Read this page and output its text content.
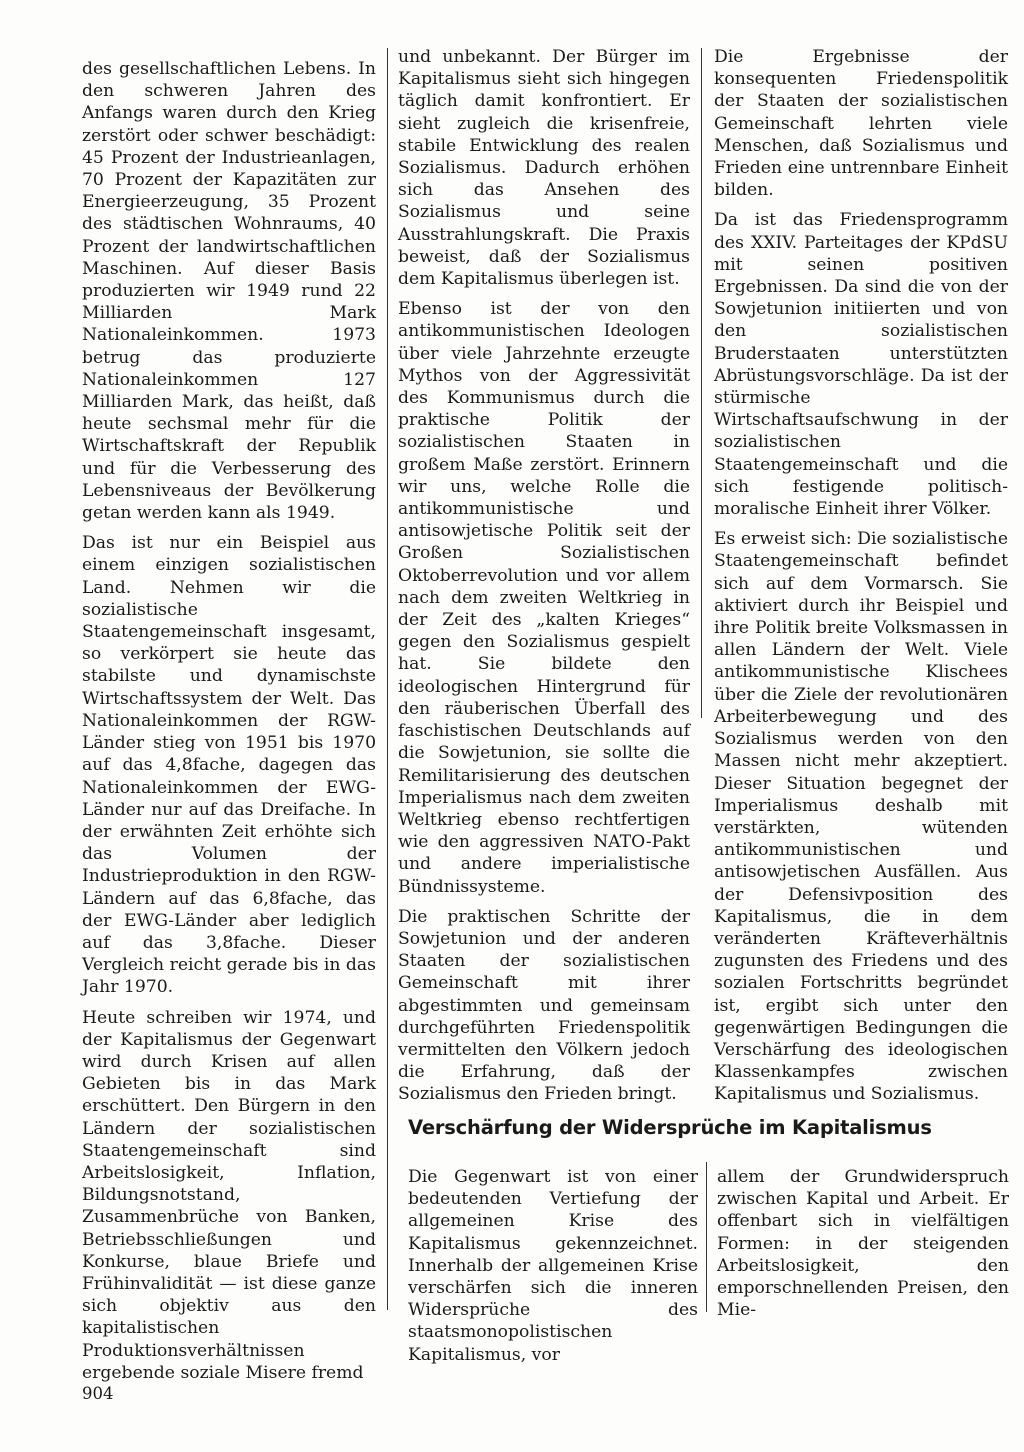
des gesellschaftlichen Lebens. In den schweren Jahren des Anfangs waren durch den Krieg zerstört oder schwer beschädigt: 45 Prozent der Industrieanlagen, 70 Prozent der Kapazitäten zur Energieerzeugung, 35 Prozent des städtischen Wohnraums, 40 Prozent der landwirtschaftlichen Maschinen. Auf dieser Basis produzierten wir 1949 rund 22 Milliarden Mark Nationaleinkommen. 1973 betrug das produzierte Nationaleinkommen 127 Milliarden Mark, das heißt, daß heute sechsmal mehr für die Wirtschaftskraft der Republik und für die Verbesserung des Lebensniveaus der Bevölkerung getan werden kann als 1949.

Das ist nur ein Beispiel aus einem einzigen sozialistischen Land. Nehmen wir die sozialistische Staatengemeinschaft insgesamt, so verkörpert sie heute das stabilste und dynamischste Wirtschaftssystem der Welt. Das Nationaleinkommen der RGW-Länder stieg von 1951 bis 1970 auf das 4,8fache, dagegen das Nationaleinkommen der EWG-Länder nur auf das Dreifache. In der erwähnten Zeit erhöhte sich das Volumen der Industrieproduktion in den RGW-Ländern auf das 6,8fache, das der EWG-Länder aber lediglich auf das 3,8fache. Dieser Vergleich reicht gerade bis in das Jahr 1970.

Heute schreiben wir 1974, und der Kapitalismus der Gegenwart wird durch Krisen auf allen Gebieten bis in das Mark erschüttert. Den Bürgern in den Ländern der sozialistischen Staatengemeinschaft sind Arbeitslosigkeit, Inflation, Bildungsnotstand, Zusammenbrüche von Banken, Betriebsschließungen und Konkurse, blaue Briefe und Frühinvalidität — ist diese ganze sich objektiv aus den kapitalistischen Produktionsverhältnissen ergebende soziale Misere fremd

und unbekannt. Der Bürger im Kapitalismus sieht sich hingegen täglich damit konfrontiert. Er sieht zugleich die krisenfreie, stabile Entwicklung des realen Sozialismus. Dadurch erhöhen sich das Ansehen des Sozialismus und seine Ausstrahlungskraft. Die Praxis beweist, daß der Sozialismus dem Kapitalismus überlegen ist.

Ebenso ist der von den antikommunistischen Ideologen über viele Jahrzehnte erzeugte Mythos von der Aggressivität des Kommunismus durch die praktische Politik der sozialistischen Staaten in großem Maße zerstört. Erinnern wir uns, welche Rolle die antikommunistische und antisowjetische Politik seit der Großen Sozialistischen Oktoberrevolution und vor allem nach dem zweiten Weltkrieg in der Zeit des „kalten Krieges“ gegen den Sozialismus gespielt hat. Sie bildete den ideologischen Hintergrund für den räuberischen Überfall des faschistischen Deutschlands auf die Sowjetunion, sie sollte die Remilitarisierung des deutschen Imperialismus nach dem zweiten Weltkrieg ebenso rechtfertigen wie den aggressiven NATO-Pakt und andere imperialistische Bündnissysteme.

Die praktischen Schritte der Sowjetunion und der anderen Staaten der sozialistischen Gemeinschaft mit ihrer abgestimmten und gemeinsam durchgeführten Friedenspolitik vermittelten den Völkern jedoch die Erfahrung, daß der Sozialismus den Frieden bringt.

Die Ergebnisse der konsequenten Friedenspolitik der Staaten der sozialistischen Gemeinschaft lehrten viele Menschen, daß Sozialismus und Frieden eine untrennbare Einheit bilden.

Da ist das Friedensprogramm des XXIV. Parteitages der KPdSU mit seinen positiven Ergebnissen. Da sind die von der Sowjetunion initiierten und von den sozialistischen Bruderstaaten unterstützten Abrüstungsvorschläge. Da ist der stürmische Wirtschaftsaufschwung in der sozialistischen Staatengemeinschaft und die sich festigende politisch-moralische Einheit ihrer Völker.

Es erweist sich: Die sozialistische Staatengemeinschaft befindet sich auf dem Vormarsch. Sie aktiviert durch ihr Beispiel und ihre Politik breite Volksmassen in allen Ländern der Welt. Viele antikommunistische Klischees über die Ziele der revolutionären Arbeiterbewegung und des Sozialismus werden von den Massen nicht mehr akzeptiert. Dieser Situation begegnet der Imperialismus deshalb mit verstärkten, wütenden antikommunistischen und antisowjetischen Ausfällen. Aus der Defensivposition des Kapitalismus, die in dem veränderten Kräfteverhältnis zugunsten des Friedens und des sozialen Fortschritts begründet ist, ergibt sich unter den gegenwärtigen Bedingungen die Verschärfung des ideologischen Klassenkampfes zwischen Kapitalismus und Sozialismus.

Verschärfung der Widersprüche im Kapitalismus

Die Gegenwart ist von einer bedeutenden Vertiefung der allgemeinen Krise des Kapitalismus gekennzeichnet. Innerhalb der allgemeinen Krise verschärfen sich die inneren Widersprüche des staatsmonopolistischen Kapitalismus, vor

allem der Grundwiderspruch zwischen Kapital und Arbeit. Er offenbart sich in vielfältigen Formen: in der steigenden Arbeitslosigkeit, den emporschnellenden Preisen, den Mie-

904
